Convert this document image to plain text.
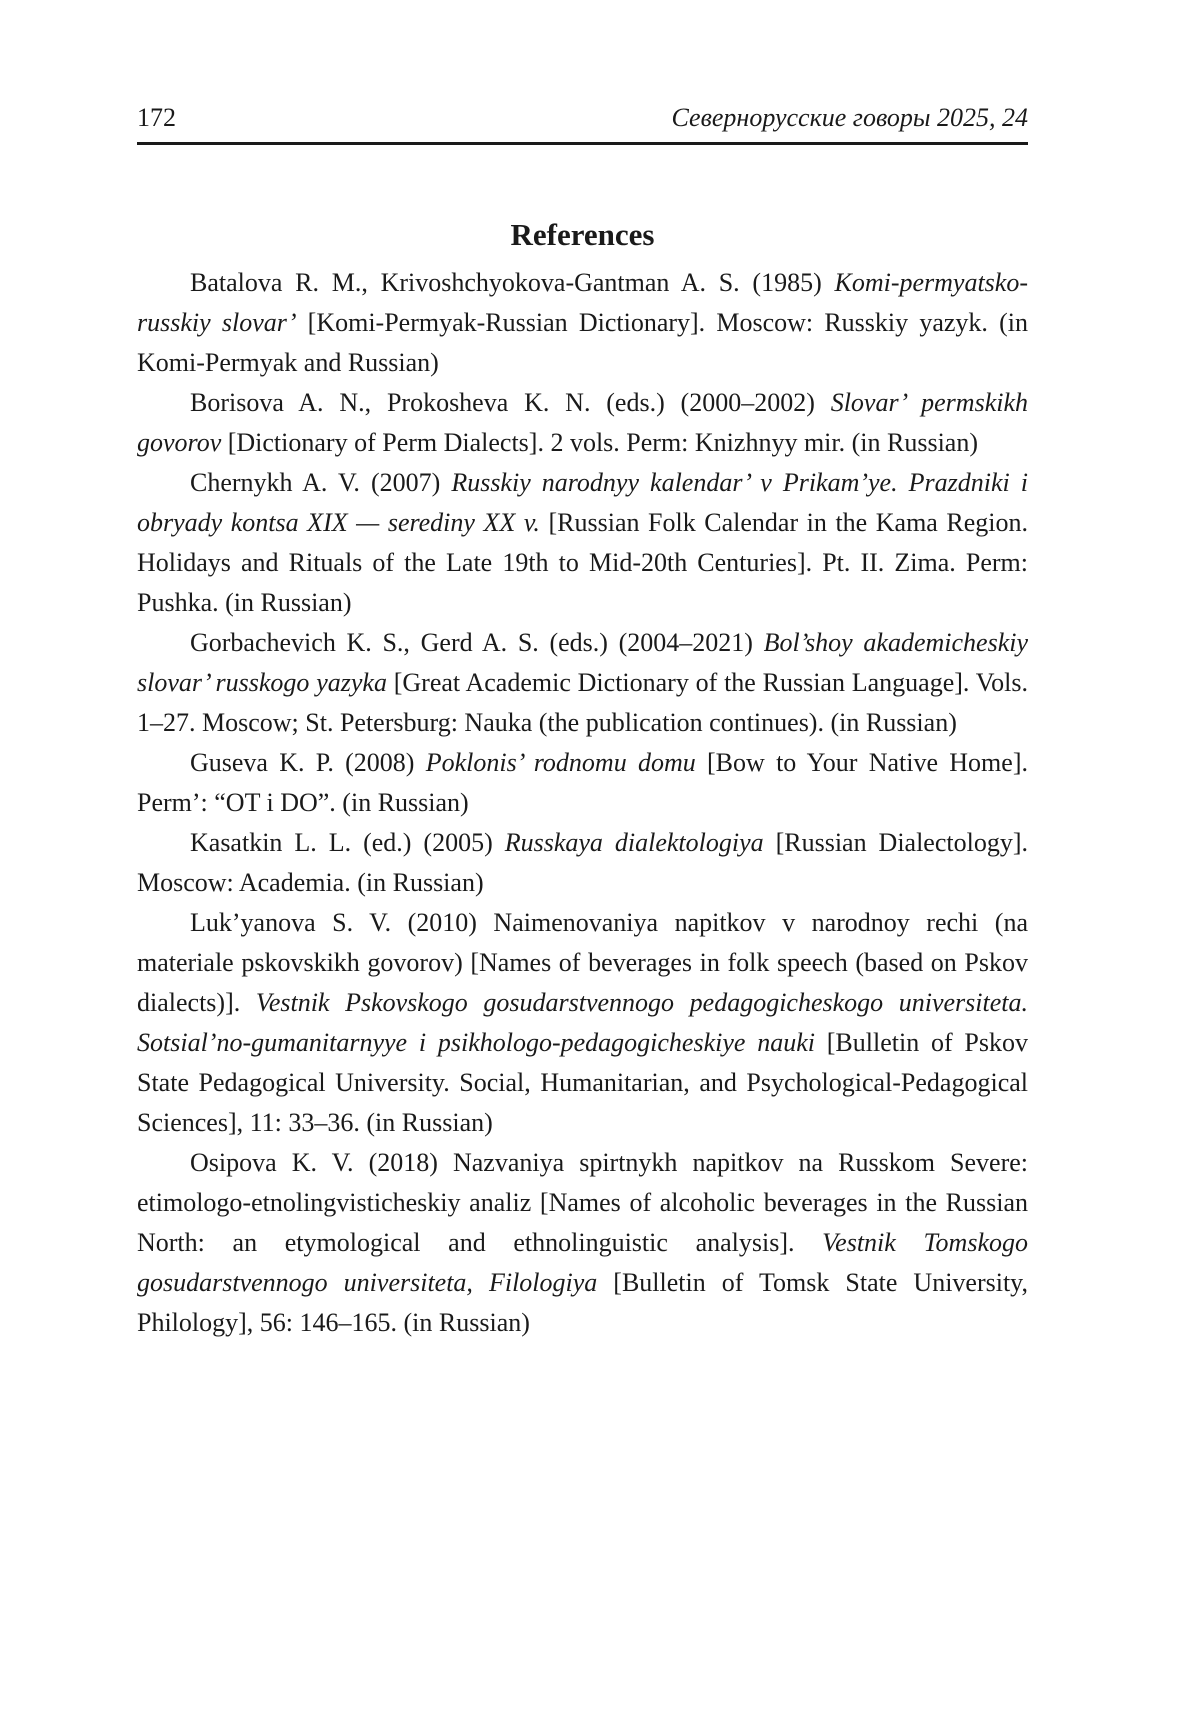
172	Севернорусские говоры 2025, 24
References

Batalova R. M., Krivoshchyokova-Gantman A. S. (1985) Komi-permyatsko-russkiy slovar’ [Komi-Permyak-Russian Dictionary]. Moscow: Russkiy yazyk. (in Komi-Permyak and Russian)

Borisova A. N., Prokosheva K. N. (eds.) (2000–2002) Slovar’ permskikh govorov [Dictionary of Perm Dialects]. 2 vols. Perm: Knizhnyy mir. (in Russian)

Chernykh A. V. (2007) Russkiy narodnyy kalendar’ v Prikam’ye. Prazdniki i obryady kontsa XIX — serediny XX v. [Russian Folk Calendar in the Kama Region. Holidays and Rituals of the Late 19th to Mid-20th Centuries]. Pt. II. Zima. Perm: Pushka. (in Russian)

Gorbachevich K. S., Gerd A. S. (eds.) (2004–2021) Bol’shoy akademicheskiy slovar’ russkogo yazyka [Great Academic Dictionary of the Russian Language]. Vols. 1–27. Moscow; St. Petersburg: Nauka (the publication continues). (in Russian)

Guseva K. P. (2008) Poklonis’ rodnomu domu [Bow to Your Native Home]. Perm’: “OT i DO”. (in Russian)

Kasatkin L. L. (ed.) (2005) Russkaya dialektologiya [Russian Dialectology]. Moscow: Academia. (in Russian)

Luk’yanova S. V. (2010) Naimenovaniya napitkov v narodnoy rechi (na materiale pskovskikh govorov) [Names of beverages in folk speech (based on Pskov dialects)]. Vestnik Pskovskogo gosudarstvennogo pedagogicheskogo universiteta. Sotsial’no-gumanitarnyye i psikhologo-pedagogicheskiye nauki [Bulletin of Pskov State Pedagogical University. Social, Humanitarian, and Psychological-Pedagogical Sciences], 11: 33–36. (in Russian)

Osipova K. V. (2018) Nazvaniya spirtnykh napitkov na Russkom Severe: etimologo-etnolingvisticheskiy analiz [Names of alcoholic beverages in the Russian North: an etymological and ethnolinguistic analysis]. Vestnik Tomskogo gosudarstvennogo universiteta, Filologiya [Bulletin of Tomsk State University, Philology], 56: 146–165. (in Russian)
